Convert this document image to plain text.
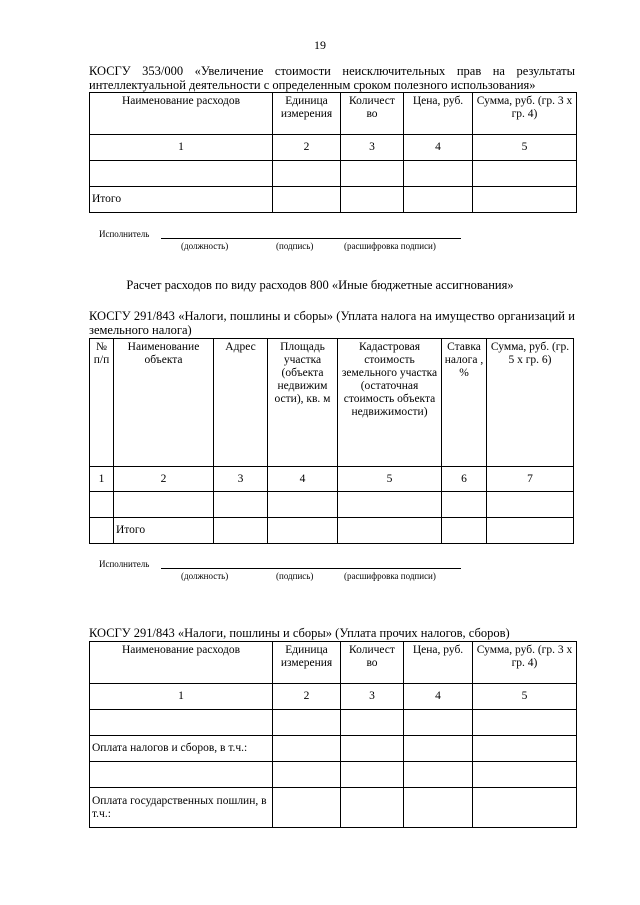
19
КОСГУ 353/000 «Увеличение стоимости неисключительных прав на результаты
интеллектуальной деятельности с определенным сроком полезного использования»
Наименование расходов	Единица измерения	Количест во	Цена, руб.	Сумма, руб. (гр. 3 х гр. 4)
1	2	3	4	5

Итого				
Исполнитель
(должность)	(подпись)	(расшифровка подписи)
Расчет расходов по виду расходов 800 «Иные бюджетные ассигнования»
КОСГУ 291/843 «Налоги, пошлины и сборы» (Уплата налога на имущество организаций и
земельного налога)
№ п/п	Наименование объекта	Адрес	Площадь участка (объекта недвижим ости), кв. м	Кадастровая стоимость земельного участка (остаточная стоимость объекта недвижимости)	Ставка налога , %	Сумма, руб. (гр. 5 х гр. 6)
1	2	3	4	5	6	7

	Итого					
Исполнитель
(должность)	(подпись)	(расшифровка подписи)
КОСГУ 291/843 «Налоги, пошлины и сборы» (Уплата прочих налогов, сборов)
Наименование расходов	Единица измерения	Количест во	Цена, руб.	Сумма, руб. (гр. 3 х гр. 4)
1	2	3	4	5

Оплата налогов и сборов, в т.ч.:				

Оплата государственных пошлин, в т.ч.:				
